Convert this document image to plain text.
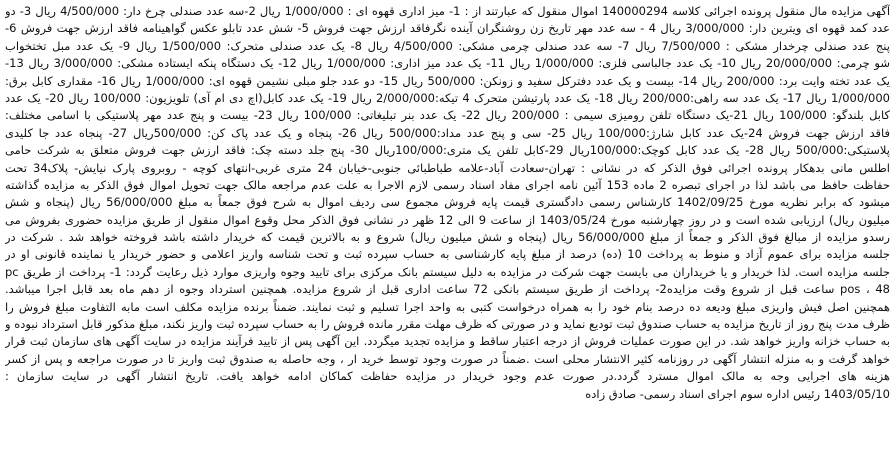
آگهی مزایده مال منقول پرونده اجرائی کلاسه 140000294 اموال منقول که عبارتند از : 1- میز اداری قهوه ای : 1/000/000 ریال 2-سه عدد صندلی چرخ دار: 4/500/000 ریال 3- دو
عدد کمد قهوه ای ویترین دار: 3/000/000 ریال 4 - سه عدد مهر تاریخ زن روشنگران آینده نگرفاقد ارزش جهت فروش 5- شش عدد تابلو عکس گواهینامه فاقد ارزش جهت فروش 6-
پنج عدد صندلی چرخدار مشکی : 7/500/000 ریال 7- سه عدد صندلی چرمی مشکی: 4/500/000 ریال 8- یک عدد صندلی متحرک: 1/500/000 ریال 9- یک عدد مبل تختخواب
شو چرمی: 20/000/000 ریال 10- یک عدد جالباسی فلزی: 1/000/000 ریال 11- یک عدد میز اداری: 1/000/000 ریال 12- یک دستگاه پنکه ایستاده مشکی: 3/000/000 ریال 13-
یک عدد تخته وایت برد: 200/000 ریال 14- بیست و یک عدد دفترکل سفید و زونکن: 500/000 ریال 15- دو عدد جلو مبلی نشیمن قهوه ای: 1/000/000 ریال 16- مقداری کابل برق:
1/000/000 ریال 17- یک عدد سه راهی:200/000 ریال 18- یک عدد پارتیشن متحرک 4 تیکه:2/000/000 ریال 19- یک عدد کابل(اچ دی ام آی) تلویزیون: 100/000 ریال 20- یک عدد
کابل بلندگو: 100/000 ریال 21-یک دستگاه تلفن رومیزی سیمی : 200/000 ریال 22- یک عدد بنر تبلیغاتی: 100/000 ریال 23- بیست و پنج عدد مهر پلاستیکی با اسامی مختلف:
فاقد ارزش جهت فروش 24-یک عدد کابل شارژ:100/000 ریال 25- سی و پنج عدد مداد:500/000 ریال 26- پنجاه و یک عدد پاک کن: 500/000ریال 27- پنجاه عدد جا کلیدی
پلاستیکی:500/000 ریال 28- یک عدد کابل کوچک:100/000ریال 29-کابل تلفن یک متری:100/000ریال 30- پنج جلد دسته چک: فاقد ارزش جهت فروش متعلق به شرکت حامی
اطلس مانی بدهکار پرونده اجرائی فوق الذکر که در نشانی : تهران-سعادت آباد-علامه طباطبائی جنوبی-خیابان 24 متری غربی-انتهای کوچه - روبروی پارک نیایش- پلاک34 تحت
حفاظت حافظ می باشد لذا در اجرای تبصره 2 ماده 153 آئین نامه اجرای مفاد اسناد رسمی لازم الاجرا به علت عدم مراجعه مالک جهت تحویل اموال فوق الذکر به مزایده گذاشته
میشود که برابر نظریه مورخ 1402/09/25 کارشناس رسمی دادگستری قیمت پایه فروش مجموع سی ردیف اموال به شرح فوق جمعاً به مبلغ 56/000/000 ریال (پنجاه و شش
میلیون ریال) ارزیابی شده است و در روز چهارشنبه مورخ 1403/05/24 از ساعت 9 الی 12 ظهر در نشانی فوق الذکر محل وقوع اموال منقول از طریق مزایده حضوری بفروش می
رسدو مزایده از مبالغ فوق الذکر و جمعاً از مبلغ 56/000/000 ریال (پنجاه و شش میلیون ریال) شروع و به بالاترین قیمت که خریدار داشته باشد فروخته خواهد شد . شرکت در
جلسه مزایده برای عموم آزاد و منوط به پرداخت 10 (ده) درصد از مبلغ پایه کارشناسی به حساب سپرده ثبت و تحت شناسه واریز اعلامی و حضور خریدار یا نماینده قانونی او در
جلسه مزایده است. لذا خریدار و یا خریداران می بایست جهت شرکت در مزایده به دلیل سیستم بانک مرکزی برای تایید وجوه واریزی موارد ذیل رعایت گردد: 1- پرداخت از طریق pc
pos ، 48 ساعت قبل از شروع وقت مزایده2- پرداخت از طریق سیستم بانکی 72 ساعت اداری قبل از شروع مزایده. همچنین استرداد وجوه از دهم ماه بعد قابل اجرا میباشد.
همچنین اصل فیش واریزی مبلغ ودیعه ده درصد بنام خود را به همراه درخواست کتبی به واحد اجرا تسلیم و ثبت نمایند. ضمناً برنده مزایده مکلف است مابه التفاوت مبلغ فروش را
ظرف مدت پنج روز از تاریخ مزایده به حساب صندوق ثبت تودیع نماید و در صورتی که ظرف مهلت مقرر مانده فروش را به حساب سپرده ثبت واریز نکند، مبلغ مذکور قابل استرداد نبوده و
به حساب خزانه واریز خواهد شد. در این صورت عملیات فروش از درجه اعتبار ساقط و مزایده تجدید میگردد. این آگهی پس از تایید فرآیند مزایده در سایت آگهی های سازمان ثبت قرار
خواهد گرفت و به منزله انتشار آگهی در روزنامه کثیر الانتشار محلی است .ضمناً در صورت وجود توسط خرید ار ، وجه حاصله به صندوق ثبت واریز تا در صورت مراجعه و پس از کسر
هزینه های اجرایی وجه به مالک اموال مسترد گردد.در صورت عدم وجود خریدار در مزایده حفاظت کماکان ادامه خواهد یافت. تاریخ انتشار آگهی در سایت سازمان :
1403/05/10 رئیس اداره سوم اجرای اسناد رسمی- صادق زاده
